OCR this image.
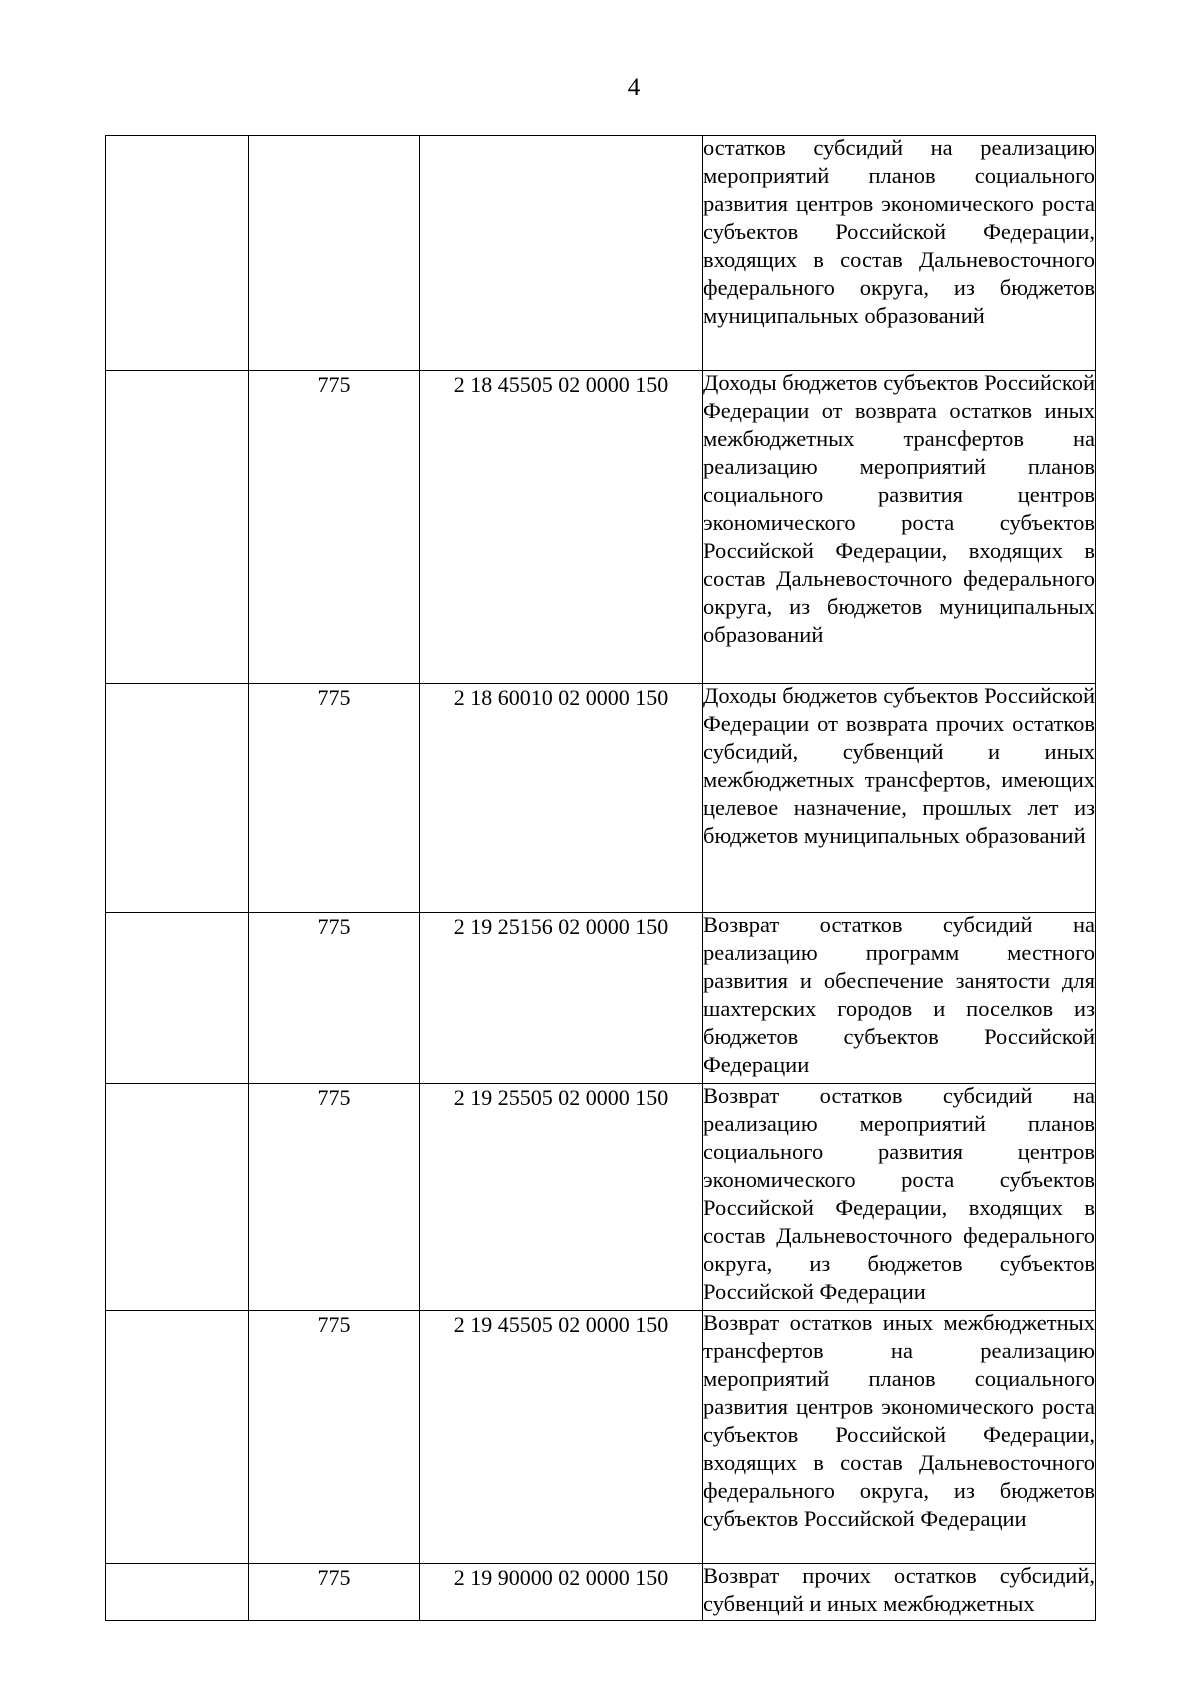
4

			остатков субсидий на реализацию мероприятий планов социального развития центров экономического роста субъектов Российской Федерации, входящих в состав Дальневосточного федерального округа, из бюджетов муниципальных образований

	775	2 18 45505 02 0000 150	Доходы бюджетов субъектов Российской Федерации от возврата остатков иных межбюджетных трансфертов на реализацию мероприятий планов социального развития центров экономического роста субъектов Российской Федерации, входящих в состав Дальневосточного федерального округа, из бюджетов муниципальных образований

	775	2 18 60010 02 0000 150	Доходы бюджетов субъектов Российской Федерации от возврата прочих остатков субсидий, субвенций и иных межбюджетных трансфертов, имеющих целевое назначение, прошлых лет из бюджетов муниципальных образований

	775	2 19 25156 02 0000 150	Возврат остатков субсидий на реализацию программ местного развития и обеспечение занятости для шахтерских городов и поселков из бюджетов субъектов Российской Федерации

	775	2 19 25505 02 0000 150	Возврат остатков субсидий на реализацию мероприятий планов социального развития центров экономического роста субъектов Российской Федерации, входящих в состав Дальневосточного федерального округа, из бюджетов субъектов Российской Федерации

	775	2 19 45505 02 0000 150	Возврат остатков иных межбюджетных трансфертов на реализацию мероприятий планов социального развития центров экономического роста субъектов Российской Федерации, входящих в состав Дальневосточного федерального округа, из бюджетов субъектов Российской Федерации

	775	2 19 90000 02 0000 150	Возврат прочих остатков субсидий, субвенций и иных межбюджетных
